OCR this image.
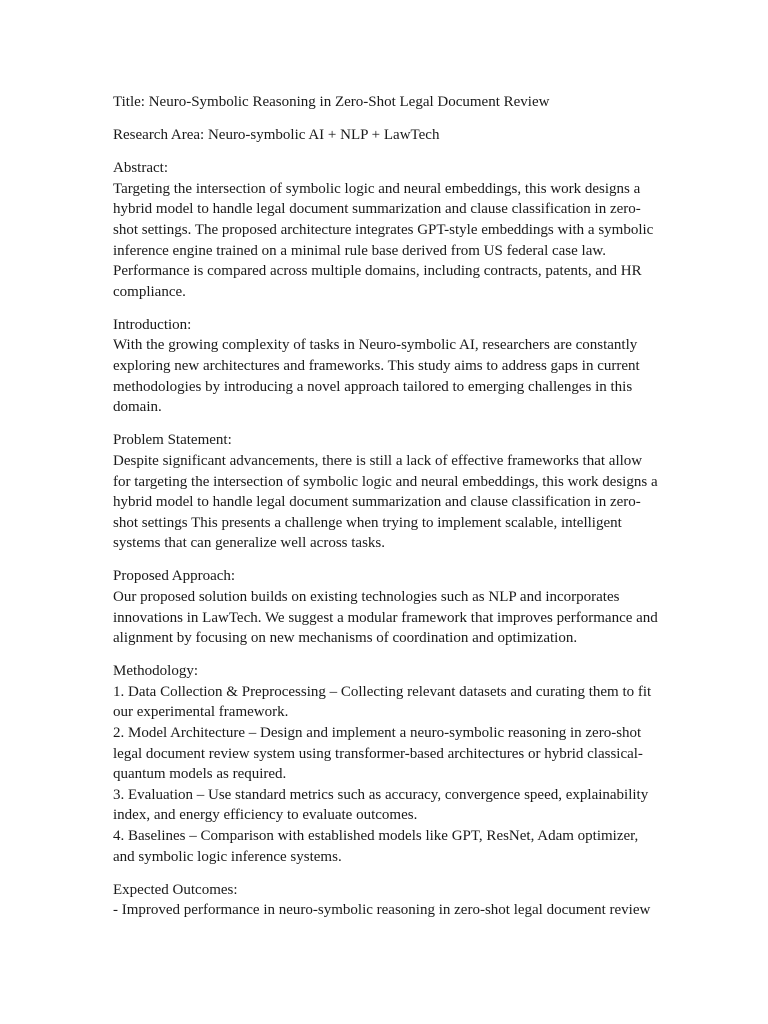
Title: Neuro-Symbolic Reasoning in Zero-Shot Legal Document Review

Research Area: Neuro-symbolic AI + NLP + LawTech

Abstract:
Targeting the intersection of symbolic logic and neural embeddings, this work designs a hybrid model to handle legal document summarization and clause classification in zero-shot settings. The proposed architecture integrates GPT-style embeddings with a symbolic inference engine trained on a minimal rule base derived from US federal case law. Performance is compared across multiple domains, including contracts, patents, and HR compliance.
Introduction:
With the growing complexity of tasks in Neuro-symbolic AI, researchers are constantly exploring new architectures and frameworks. This study aims to address gaps in current methodologies by introducing a novel approach tailored to emerging challenges in this domain.
Problem Statement:
Despite significant advancements, there is still a lack of effective frameworks that allow for targeting the intersection of symbolic logic and neural embeddings, this work designs a hybrid model to handle legal document summarization and clause classification in zero-shot settings This presents a challenge when trying to implement scalable, intelligent systems that can generalize well across tasks.
Proposed Approach:
Our proposed solution builds on existing technologies such as NLP and incorporates innovations in LawTech. We suggest a modular framework that improves performance and alignment by focusing on new mechanisms of coordination and optimization.
Methodology:
1. Data Collection & Preprocessing – Collecting relevant datasets and curating them to fit our experimental framework.
2. Model Architecture – Design and implement a neuro-symbolic reasoning in zero-shot legal document review system using transformer-based architectures or hybrid classical-quantum models as required.
3. Evaluation – Use standard metrics such as accuracy, convergence speed, explainability index, and energy efficiency to evaluate outcomes.
4. Baselines – Comparison with established models like GPT, ResNet, Adam optimizer, and symbolic logic inference systems.
Expected Outcomes:
- Improved performance in neuro-symbolic reasoning in zero-shot legal document review
